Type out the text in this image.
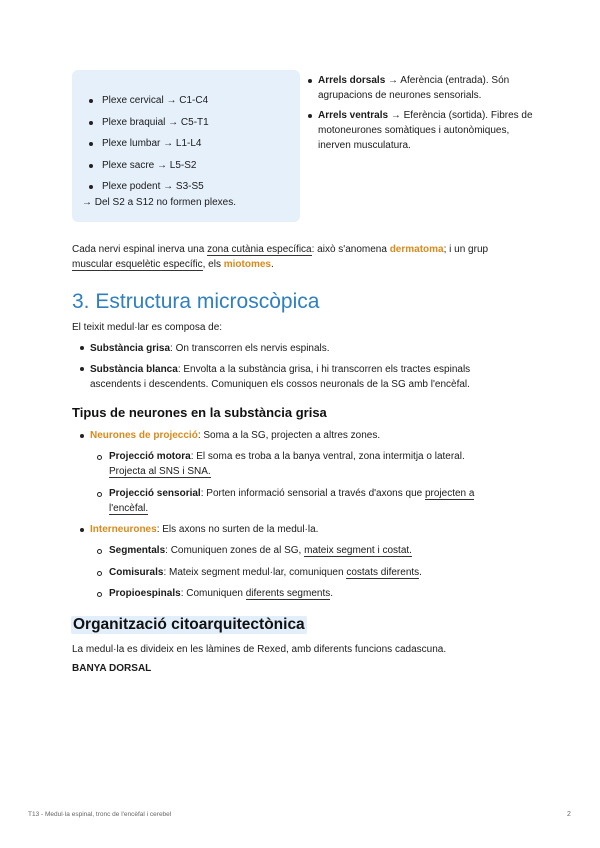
Plexe cervical → C1-C4
Plexe braquial → C5-T1
Plexe lumbar → L1-L4
Plexe sacre → L5-S2
Plexe podent → S3-S5
→ Del S2 a S12 no formen plexes.
Arrels dorsals → Aferència (entrada). Són agrupacions de neurones sensorials.
Arrels ventrals → Eferència (sortida). Fibres de motoneurones somàtiques i autonòmiques, inerven musculatura.
Cada nervi espinal inerva una zona cutània específica: això s'anomena dermatoma; i un grup
muscular esquelètic específic, els miotomes.
3. Estructura microscòpica
El teixit medul·lar es composa de:
Substància grisa: On transcorren els nervis espinals.
Substància blanca: Envolta a la substància grisa, i hi transcorren els tractes espinals
ascendents i descendents. Comuniquen els cossos neuronals de la SG amb l'encèfal.
Tipus de neurones en la substància grisa
Neurones de projecció: Soma a la SG, projecten a altres zones.
Projecció motora: El soma es troba a la banya ventral, zona intermitja o lateral.
Projecta al SNS i SNA.
Projecció sensorial: Porten informació sensorial a través d'axons que projecten a
l'encèfal.
Interneurones: Els axons no surten de la medul·la.
Segmentals: Comuniquen zones de al SG, mateix segment i costat.
Comisurals: Mateix segment medul·lar, comuniquen costats diferents.
Propioespinals: Comuniquen diferents segments.
Organització citoarquitectònica
La medul·la es divideix en les làmines de Rexed, amb diferents funcions cadascuna.
BANYA DORSAL
T13 - Medul·la espinal, tronc de l'encèfal i cerebel	2
